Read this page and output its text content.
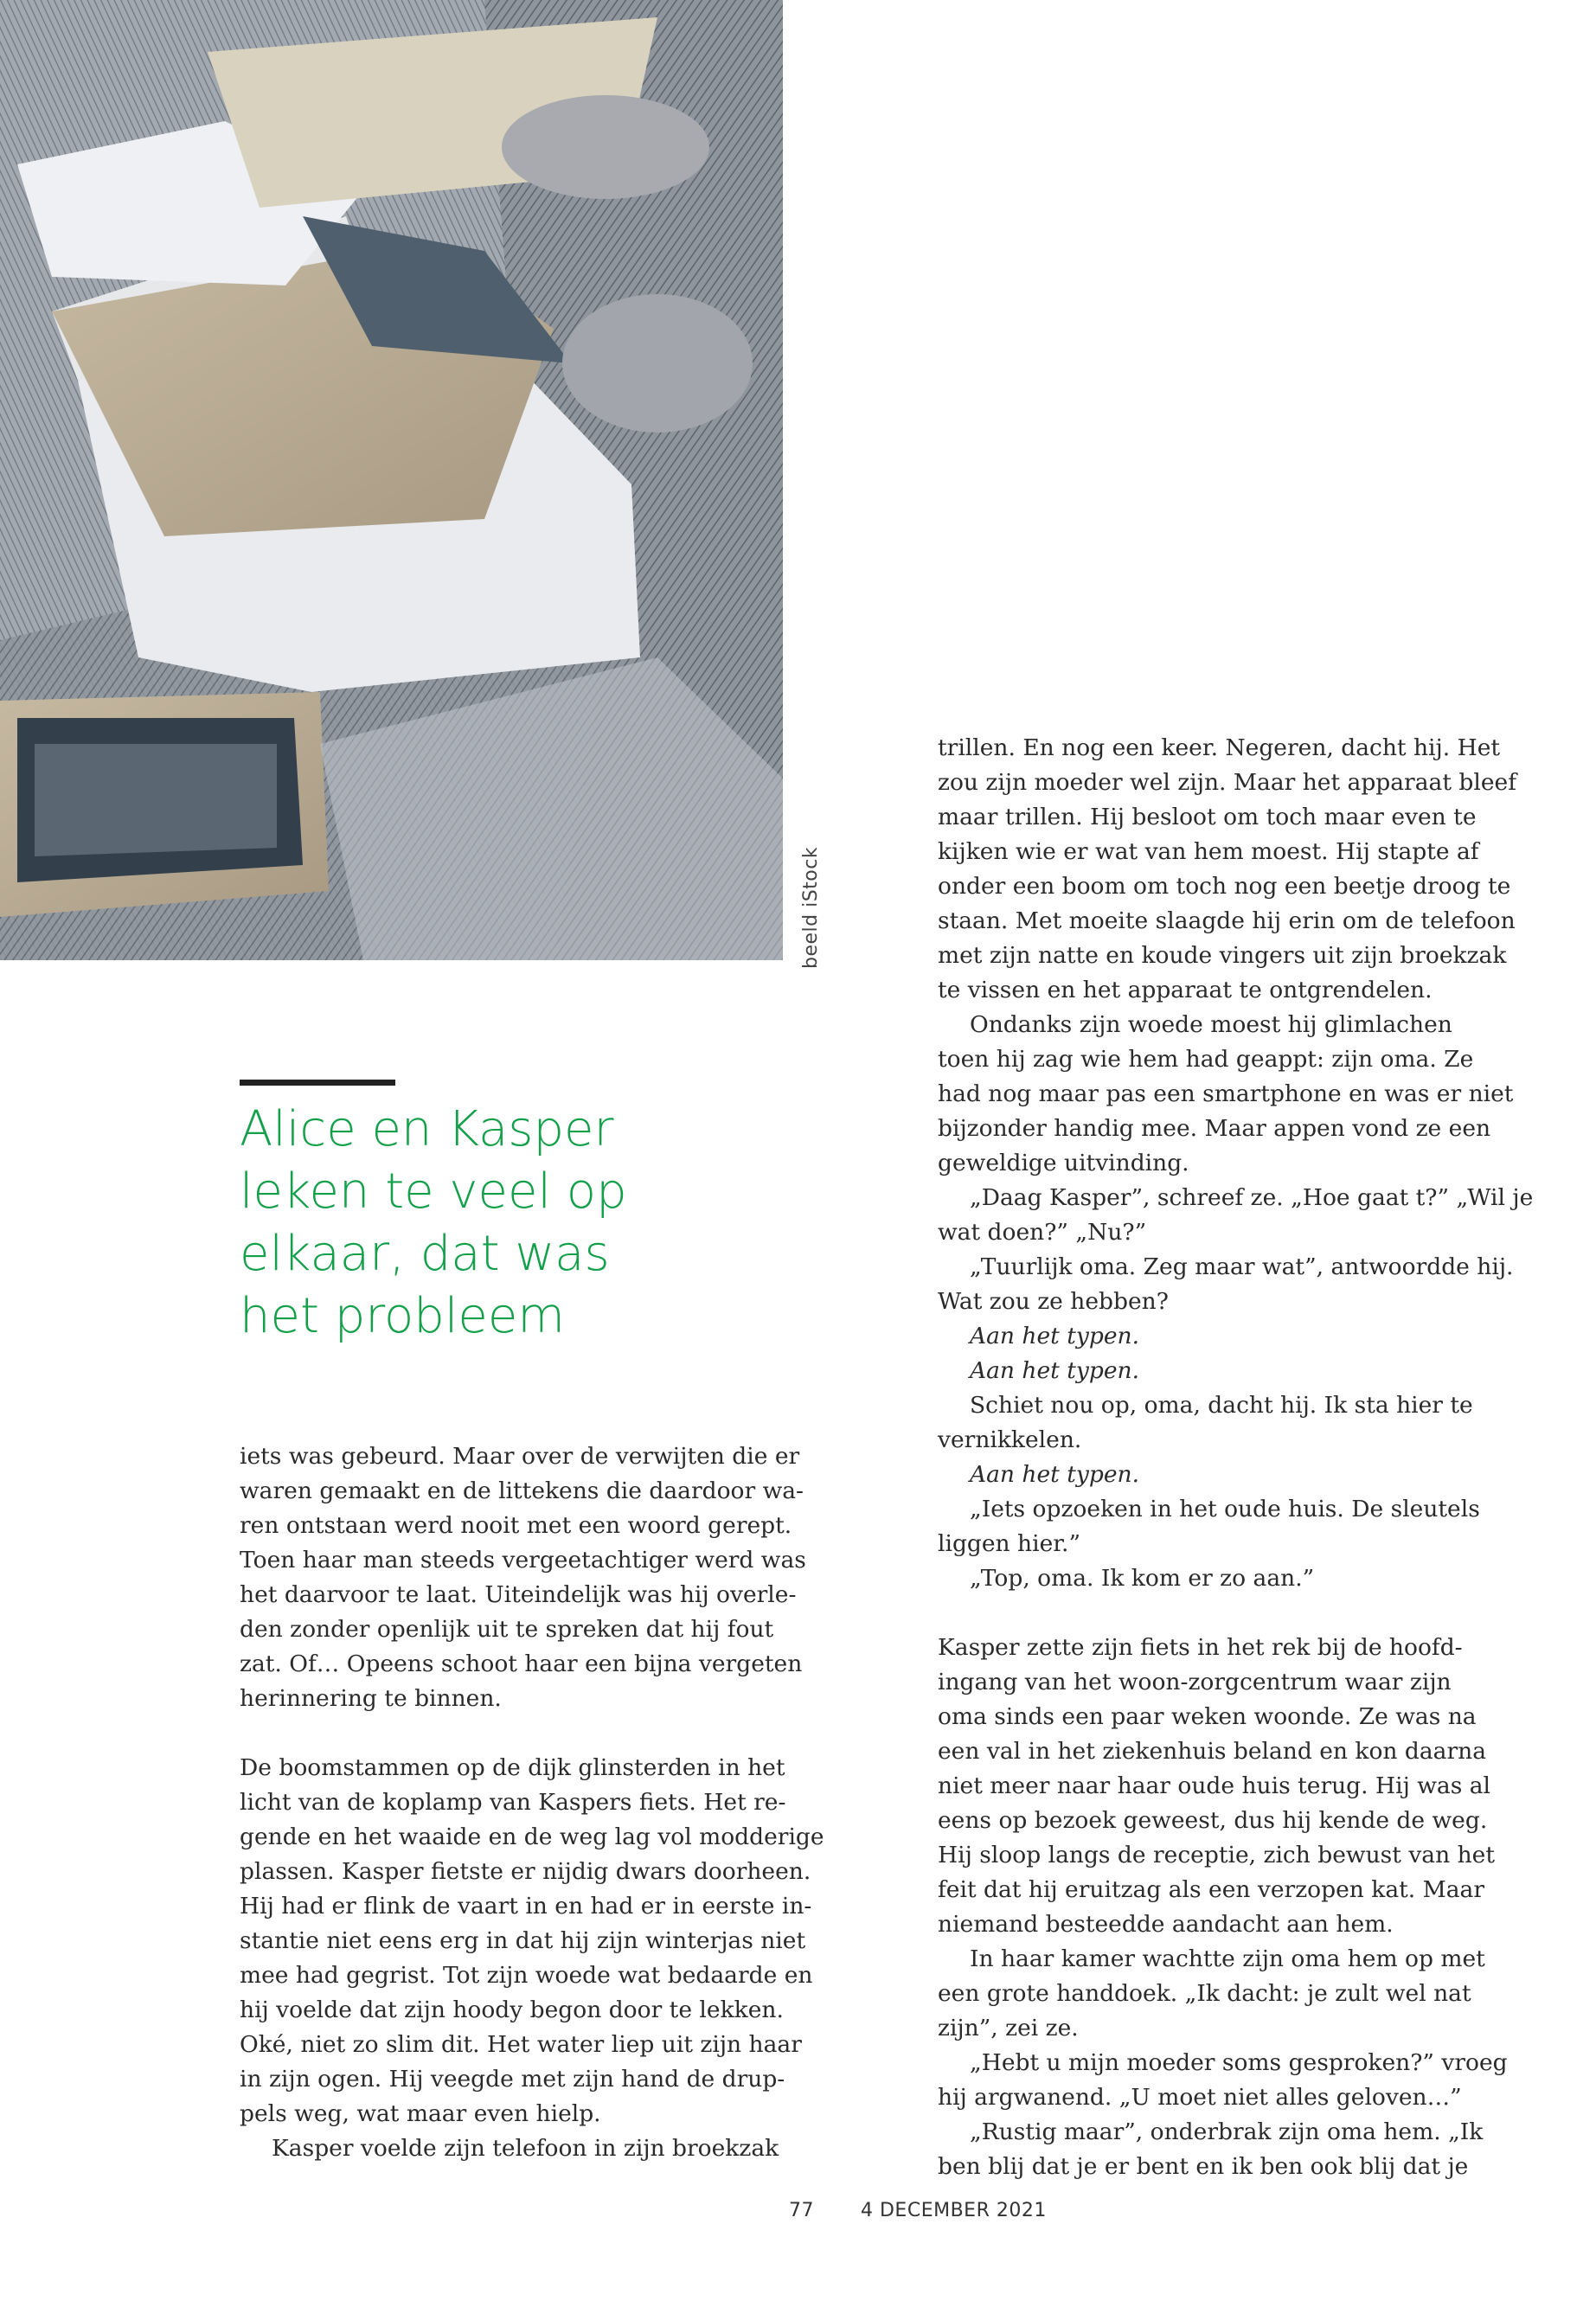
beeld iStock
Alice en Kasper
leken te veel op
elkaar, dat was
het probleem

iets was gebeurd. Maar over de verwijten die er

waren gemaakt en de littekens die daardoor wa-

ren ontstaan werd nooit met een woord gerept.

Toen haar man steeds vergeetachtiger werd was

het daarvoor te laat. Uiteindelijk was hij overle-

den zonder openlijk uit te spreken dat hij fout

zat. Of… Opeens schoot haar een bijna vergeten

herinnering te binnen.

De boomstammen op de dijk glinsterden in het

licht van de koplamp van Kaspers fiets. Het re-

gende en het waaide en de weg lag vol modderige

plassen. Kasper fietste er nijdig dwars doorheen.

Hij had er flink de vaart in en had er in eerste in-

stantie niet eens erg in dat hij zijn winterjas niet

mee had gegrist. Tot zijn woede wat bedaarde en

hij voelde dat zijn hoody begon door te lekken.

Oké, niet zo slim dit. Het water liep uit zijn haar

in zijn ogen. Hij veegde met zijn hand de drup-

pels weg, wat maar even hielp.

Kasper voelde zijn telefoon in zijn broekzak

trillen. En nog een keer. Negeren, dacht hij. Het

zou zijn moeder wel zijn. Maar het apparaat bleef

maar trillen. Hij besloot om toch maar even te

kijken wie er wat van hem moest. Hij stapte af

onder een boom om toch nog een beetje droog te

staan. Met moeite slaagde hij erin om de telefoon

met zijn natte en koude vingers uit zijn broekzak

te vissen en het apparaat te ontgrendelen.

Ondanks zijn woede moest hij glimlachen

toen hij zag wie hem had geappt: zijn oma. Ze

had nog maar pas een smartphone en was er niet

bijzonder handig mee. Maar appen vond ze een

geweldige uitvinding.

„Daag Kasper”, schreef ze. „Hoe gaat t?” „Wil je

wat doen?” „Nu?”

„Tuurlijk oma. Zeg maar wat”, antwoordde hij.

Wat zou ze hebben?

Aan het typen.

Aan het typen.

Schiet nou op, oma, dacht hij. Ik sta hier te

vernikkelen.

Aan het typen.

„Iets opzoeken in het oude huis. De sleutels

liggen hier.”

„Top, oma. Ik kom er zo aan.”

Kasper zette zijn fiets in het rek bij de hoofd-

ingang van het woon-zorgcentrum waar zijn

oma sinds een paar weken woonde. Ze was na

een val in het ziekenhuis beland en kon daarna

niet meer naar haar oude huis terug. Hij was al

eens op bezoek geweest, dus hij kende de weg.

Hij sloop langs de receptie, zich bewust van het

feit dat hij eruitzag als een verzopen kat. Maar

niemand besteedde aandacht aan hem.

In haar kamer wachtte zijn oma hem op met

een grote handdoek. „Ik dacht: je zult wel nat

zijn”, zei ze.

„Hebt u mijn moeder soms gesproken?” vroeg

hij argwanend. „U moet niet alles geloven…”

„Rustig maar”, onderbrak zijn oma hem. „Ik

ben blij dat je er bent en ik ben ook blij dat je

77 4 DECEMBER 2021
